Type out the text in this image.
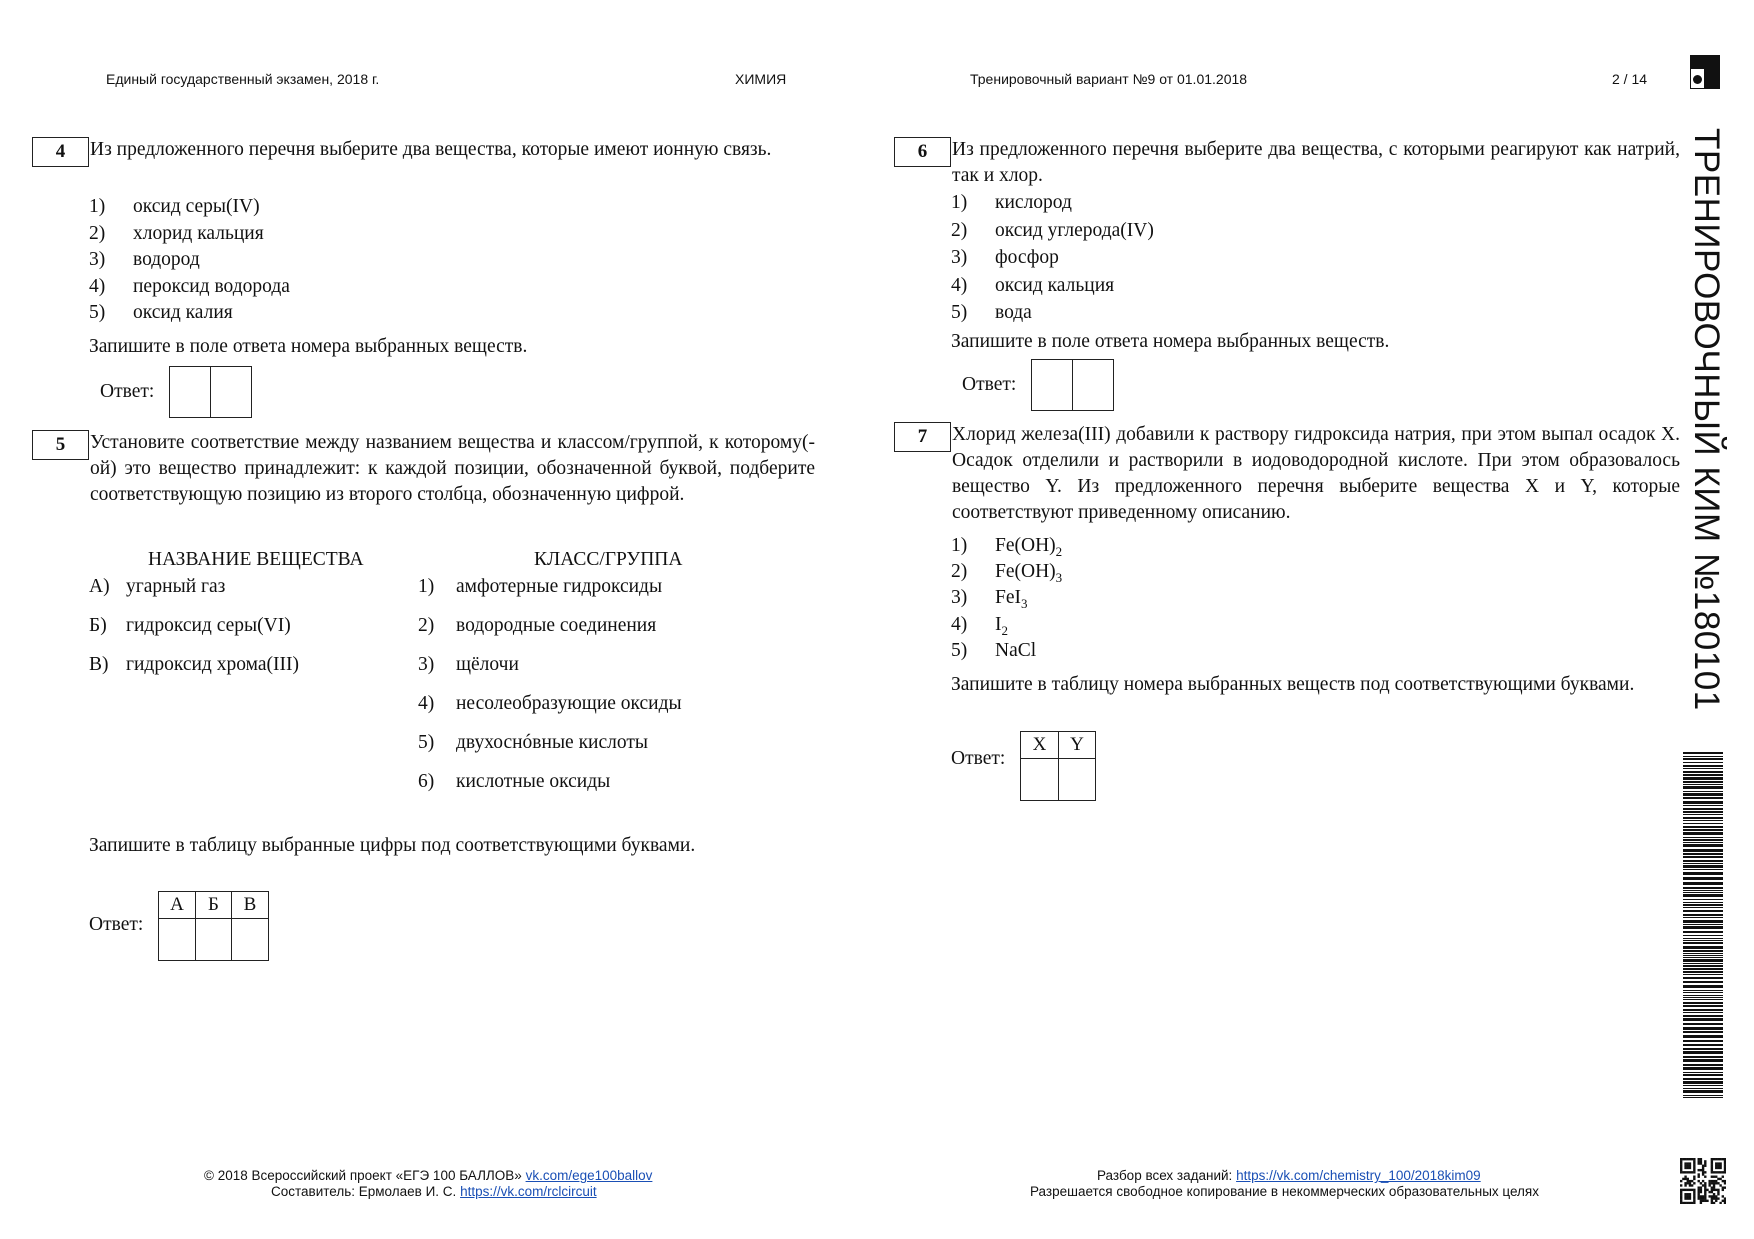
Единый государственный экзамен, 2018 г.	ХИМИЯ	Тренировочный вариант №9 от 01.01.2018	2 / 14
ТРЕНИРОВОЧНЫЙ КИМ №180101
4	Из предложенного перечня выберите два вещества, которые имеют ионную связь.
1) оксид серы(IV)
2) хлорид кальция
3) водород
4) пероксид водорода
5) оксид калия
Запишите в поле ответа номера выбранных веществ.
Ответ:

5	Установите соответствие между названием вещества и классом/группой, к которому(-ой) это вещество принадлежит: к каждой позиции, обозначенной буквой, подберите соответствующую позицию из второго столбца, обозначенную цифрой.
НАЗВАНИЕ ВЕЩЕСТВА	КЛАСС/ГРУППА
А) угарный газ
Б) гидроксид серы(VI)
В) гидроксид хрома(III)
1) амфотерные гидроксиды
2) водородные соединения
3) щёлочи
4) несолеобразующие оксиды
5) двухоснóвные кислоты
6) кислотные оксиды
Запишите в таблицу выбранные цифры под соответствующими буквами.
Ответ:
А	Б	В

6	Из предложенного перечня выберите два вещества, с которыми реагируют как натрий, так и хлор.
1) кислород
2) оксид углерода(IV)
3) фосфор
4) оксид кальция
5) вода
Запишите в поле ответа номера выбранных веществ.
Ответ:

7	Хлорид железа(III) добавили к раствору гидроксида натрия, при этом выпал осадок X. Осадок отделили и растворили в иодоводородной кислоте. При этом образовалось вещество Y. Из предложенного перечня выберите вещества X и Y, которые соответствуют приведенному описанию.
1) $Fe(OH)_2$
2) $Fe(OH)_3$
3) FeI$_3$
4) $I_2$
5) NaCl
Запишите в таблицу номера выбранных веществ под соответствующими буквами.
Ответ:
X	Y

© 2018 Всероссийский проект «ЕГЭ 100 БАЛЛОВ» vk.com/ege100ballov
Составитель: Ермолаев И. С. https://vk.com/rclcircuit
Разбор всех заданий: https://vk.com/chemistry_100/2018kim09
Разрешается свободное копирование в некоммерческих образовательных целях
